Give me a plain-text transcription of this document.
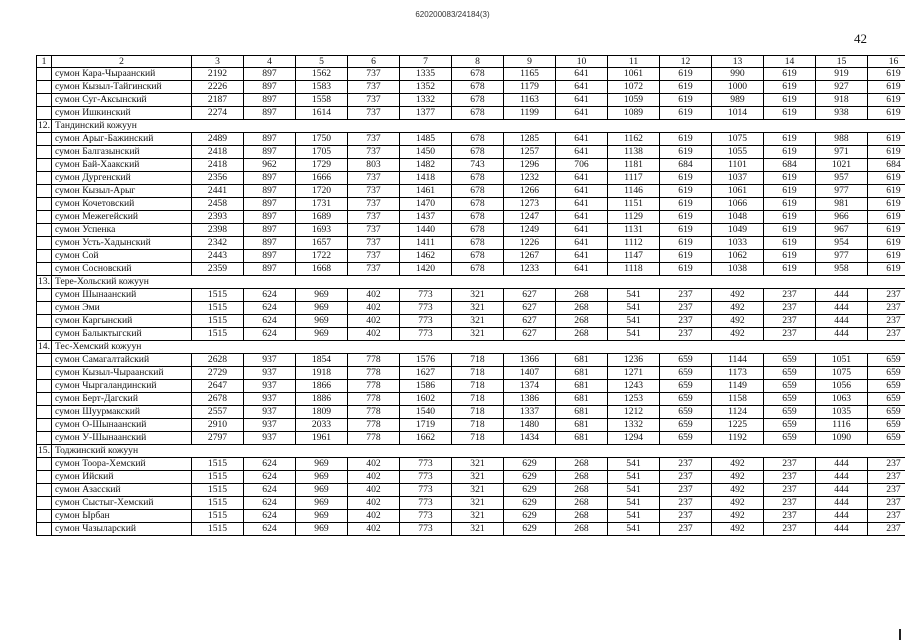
620200083/24184(3)
42
1	2	3	4	5	6	7	8	9	10	11	12	13	14	15	16
	сумон Кара-Чыраанский	2192	897	1562	737	1335	678	1165	641	1061	619	990	619	919	619
	сумон Кызыл-Тайгинский	2226	897	1583	737	1352	678	1179	641	1072	619	1000	619	927	619
	сумон Суг-Аксынский	2187	897	1558	737	1332	678	1163	641	1059	619	989	619	918	619
	сумон Ишкинский	2274	897	1614	737	1377	678	1199	641	1089	619	1014	619	938	619
12.	Тандинский кожуун														
	сумон Арыг-Бажинский	2489	897	1750	737	1485	678	1285	641	1162	619	1075	619	988	619
	сумон Балгазынский	2418	897	1705	737	1450	678	1257	641	1138	619	1055	619	971	619
	сумон Бай-Хаакский	2418	962	1729	803	1482	743	1296	706	1181	684	1101	684	1021	684
	сумон Дургенский	2356	897	1666	737	1418	678	1232	641	1117	619	1037	619	957	619
	сумон Кызыл-Арыг	2441	897	1720	737	1461	678	1266	641	1146	619	1061	619	977	619
	сумон Кочетовский	2458	897	1731	737	1470	678	1273	641	1151	619	1066	619	981	619
	сумон Межегейский	2393	897	1689	737	1437	678	1247	641	1129	619	1048	619	966	619
	сумон Успенка	2398	897	1693	737	1440	678	1249	641	1131	619	1049	619	967	619
	сумон Усть-Хадынский	2342	897	1657	737	1411	678	1226	641	1112	619	1033	619	954	619
	сумон Сой	2443	897	1722	737	1462	678	1267	641	1147	619	1062	619	977	619
	сумон Сосновский	2359	897	1668	737	1420	678	1233	641	1118	619	1038	619	958	619
13.	Тере-Хольский кожуун														
	сумон Шынаанский	1515	624	969	402	773	321	627	268	541	237	492	237	444	237
	сумон Эми	1515	624	969	402	773	321	627	268	541	237	492	237	444	237
	сумон Каргынский	1515	624	969	402	773	321	627	268	541	237	492	237	444	237
	сумон Балыктыгский	1515	624	969	402	773	321	627	268	541	237	492	237	444	237
14.	Тес-Хемский кожуун														
	сумон Самагалтайский	2628	937	1854	778	1576	718	1366	681	1236	659	1144	659	1051	659
	сумон Кызыл-Чыраанский	2729	937	1918	778	1627	718	1407	681	1271	659	1173	659	1075	659
	сумон Чыргаландинский	2647	937	1866	778	1586	718	1374	681	1243	659	1149	659	1056	659
	сумон Берт-Дагский	2678	937	1886	778	1602	718	1386	681	1253	659	1158	659	1063	659
	сумон Шуурмакский	2557	937	1809	778	1540	718	1337	681	1212	659	1124	659	1035	659
	сумон О-Шынаанский	2910	937	2033	778	1719	718	1480	681	1332	659	1225	659	1116	659
	сумон У-Шынаанский	2797	937	1961	778	1662	718	1434	681	1294	659	1192	659	1090	659
15.	Тоджинский кожуун														
	сумон Тоора-Хемский	1515	624	969	402	773	321	629	268	541	237	492	237	444	237
	сумон Ийский	1515	624	969	402	773	321	629	268	541	237	492	237	444	237
	сумон Азасский	1515	624	969	402	773	321	629	268	541	237	492	237	444	237
	сумон Сыстыг-Хемский	1515	624	969	402	773	321	629	268	541	237	492	237	444	237
	сумон Ырбан	1515	624	969	402	773	321	629	268	541	237	492	237	444	237
	сумон Чазыларский	1515	624	969	402	773	321	629	268	541	237	492	237	444	237
